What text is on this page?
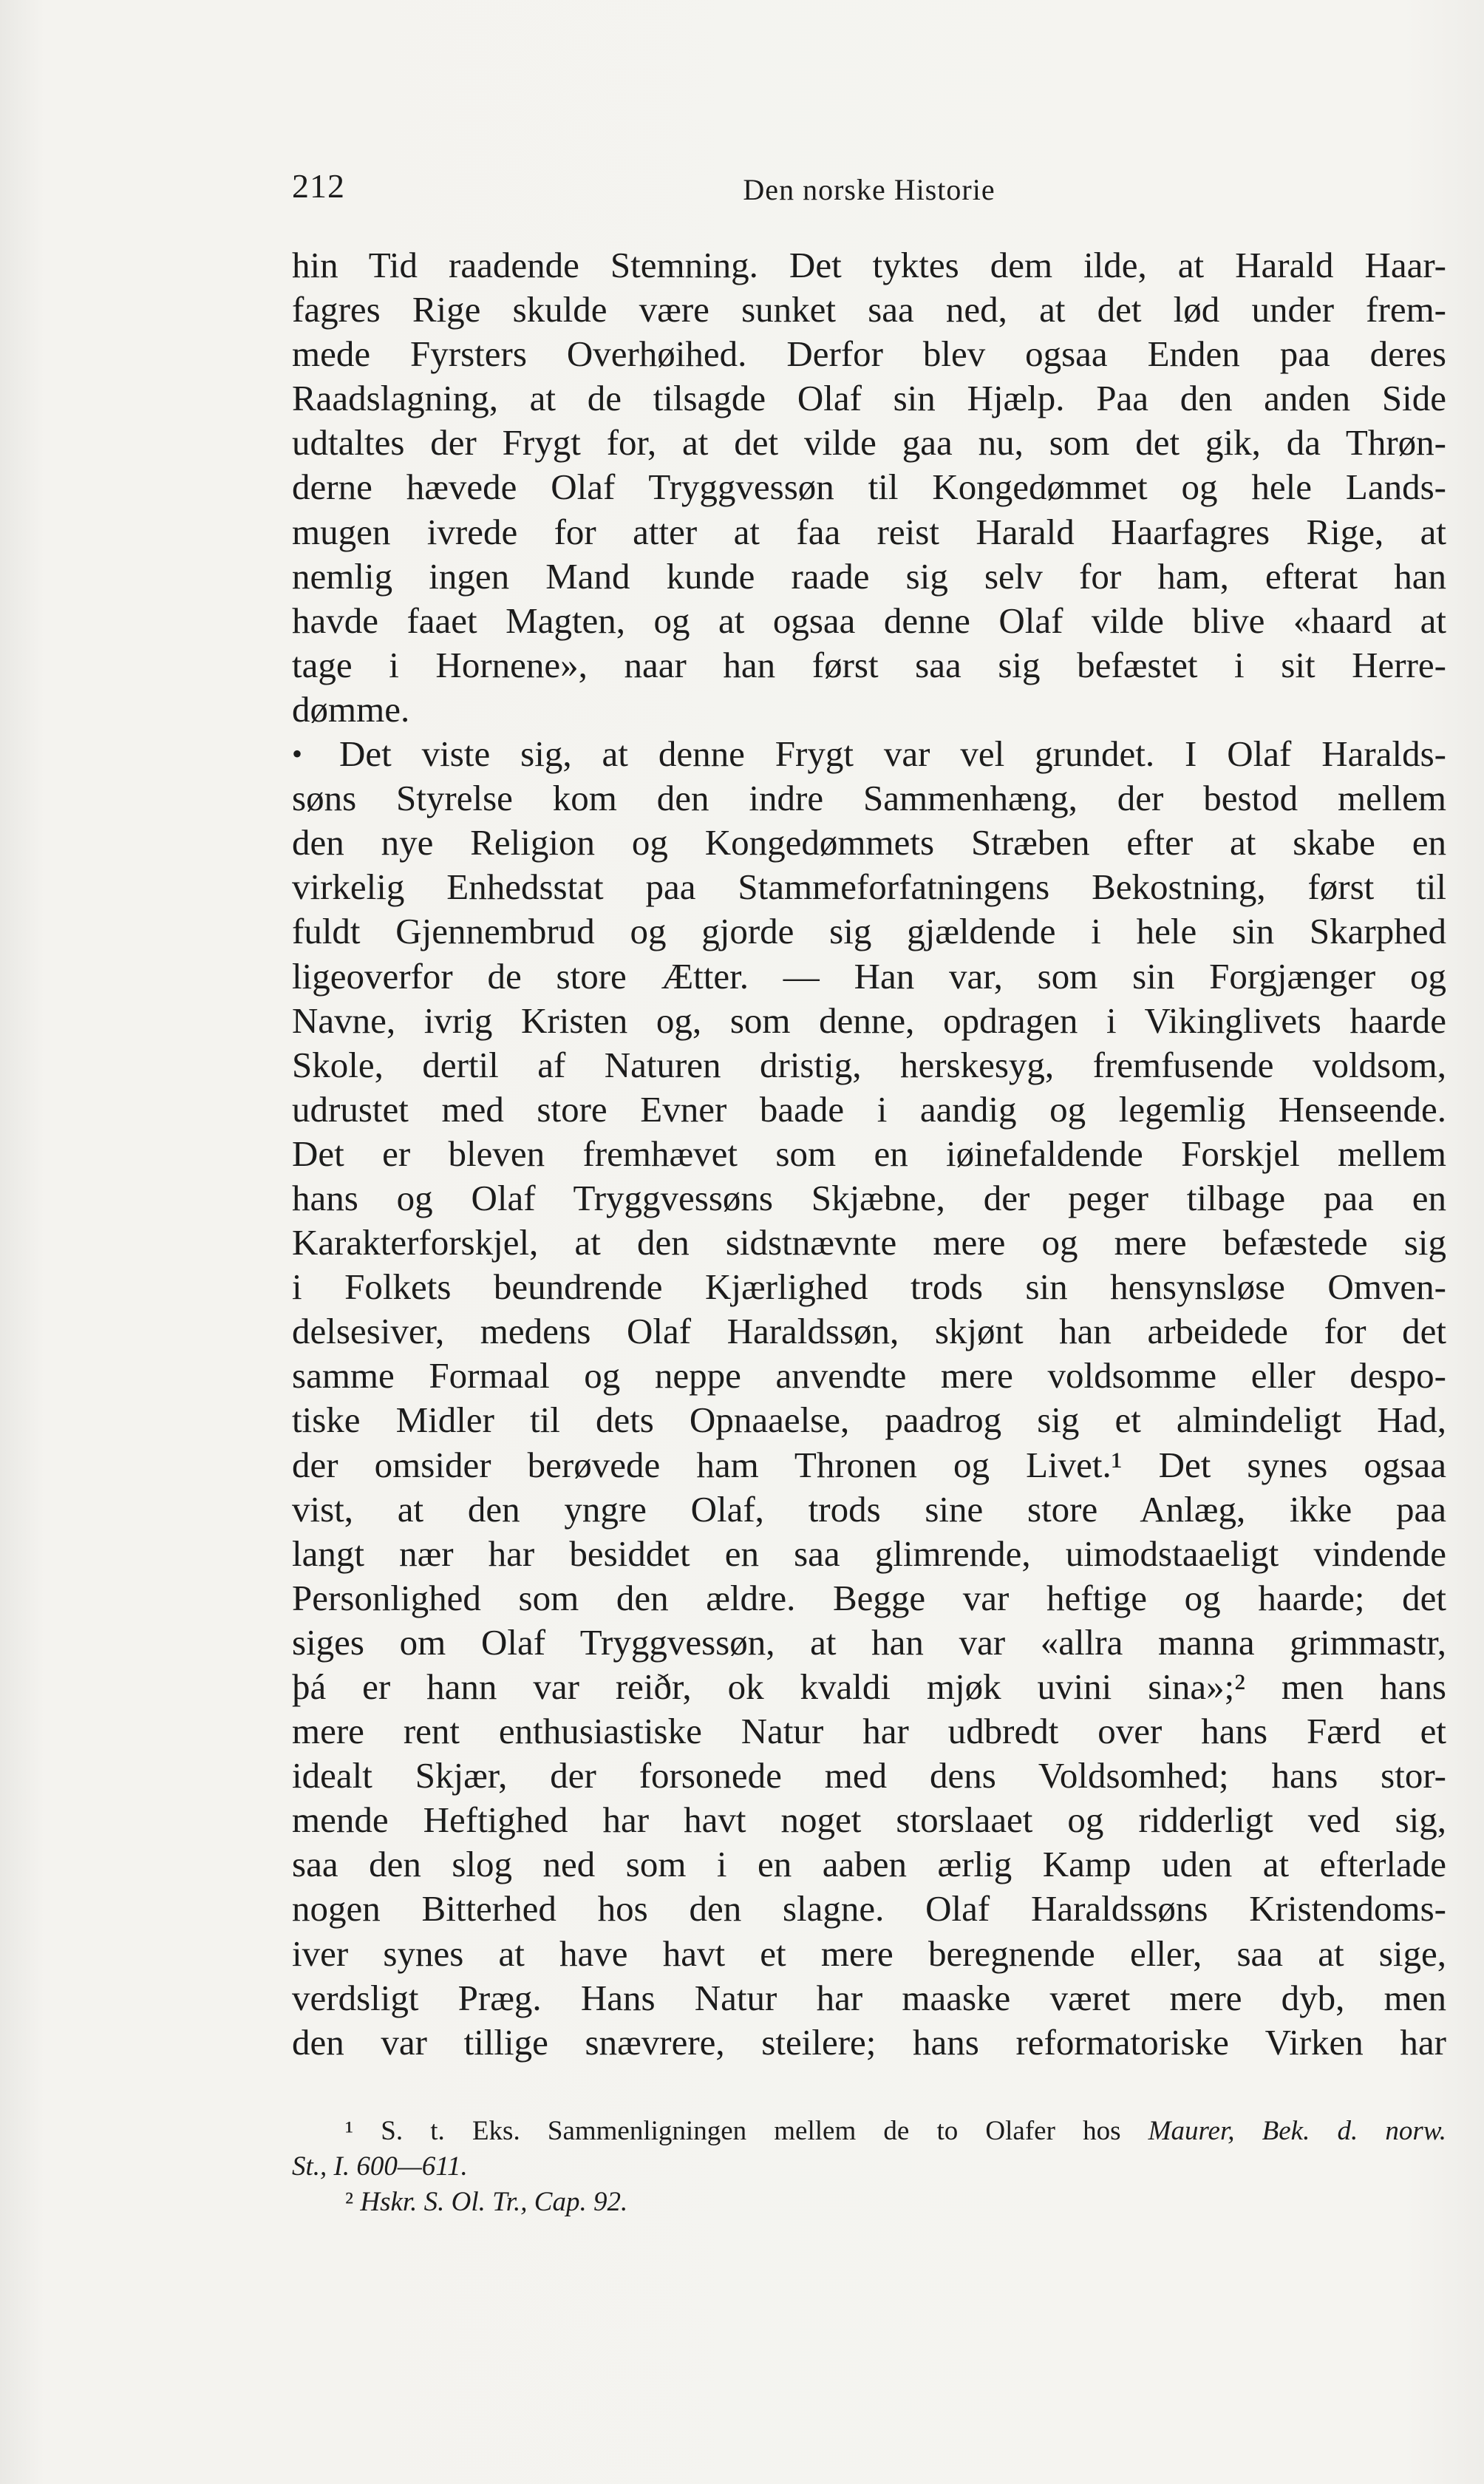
212	Den norske Historie
hin Tid raadende Stemning. Det tyktes dem ilde, at Harald Haar-
fagres Rige skulde være sunket saa ned, at det lød under frem-
mede Fyrsters Overhøihed. Derfor blev ogsaa Enden paa deres
Raadslagning, at de tilsagde Olaf sin Hjælp. Paa den anden Side
udtaltes der Frygt for, at det vilde gaa nu, som det gik, da Thrøn-
derne hævede Olaf Tryggvessøn til Kongedømmet og hele Lands-
mugen ivrede for atter at faa reist Harald Haarfagres Rige, at
nemlig ingen Mand kunde raade sig selv for ham, efterat han
havde faaet Magten, og at ogsaa denne Olaf vilde blive «haard at
tage i Hornene», naar han først saa sig befæstet i sit Herre-
dømme.
• Det viste sig, at denne Frygt var vel grundet. I Olaf Haralds-
søns Styrelse kom den indre Sammenhæng, der bestod mellem
den nye Religion og Kongedømmets Stræben efter at skabe en
virkelig Enhedsstat paa Stammeforfatningens Bekostning, først til
fuldt Gjennembrud og gjorde sig gjældende i hele sin Skarphed
ligeoverfor de store Ætter. — Han var, som sin Forgjænger og
Navne, ivrig Kristen og, som denne, opdragen i Vikinglivets haarde
Skole, dertil af Naturen dristig, herskesyg, fremfusende voldsom,
udrustet med store Evner baade i aandig og legemlig Henseende.
Det er bleven fremhævet som en iøinefaldende Forskjel mellem
hans og Olaf Tryggvessøns Skjæbne, der peger tilbage paa en
Karakterforskjel, at den sidstnævnte mere og mere befæstede sig
i Folkets beundrende Kjærlighed trods sin hensynsløse Omven-
delsesiver, medens Olaf Haraldssøn, skjønt han arbeidede for det
samme Formaal og neppe anvendte mere voldsomme eller despo-
tiske Midler til dets Opnaaelse, paadrog sig et almindeligt Had,
der omsider berøvede ham Thronen og Livet.¹ Det synes ogsaa
vist, at den yngre Olaf, trods sine store Anlæg, ikke paa
langt nær har besiddet en saa glimrende, uimodstaaeligt vindende
Personlighed som den ældre. Begge var heftige og haarde; det
siges om Olaf Tryggvessøn, at han var «allra manna grimmastr,
þá er hann var reiðr, ok kvaldi mjøk uvini sina»;² men hans
mere rent enthusiastiske Natur har udbredt over hans Færd et
idealt Skjær, der forsonede med dens Voldsomhed; hans stor-
mende Heftighed har havt noget storslaaet og ridderligt ved sig,
saa den slog ned som i en aaben ærlig Kamp uden at efterlade
nogen Bitterhed hos den slagne. Olaf Haraldssøns Kristendoms-
iver synes at have havt et mere beregnende eller, saa at sige,
verdsligt Præg. Hans Natur har maaske været mere dyb, men
den var tillige snævrere, steilere; hans reformatoriske Virken har
¹ S. t. Eks. Sammenligningen mellem de to Olafer hos Maurer, Bek. d. norw.
St., I. 600—611.
² Hskr. S. Ol. Tr., Cap. 92.
